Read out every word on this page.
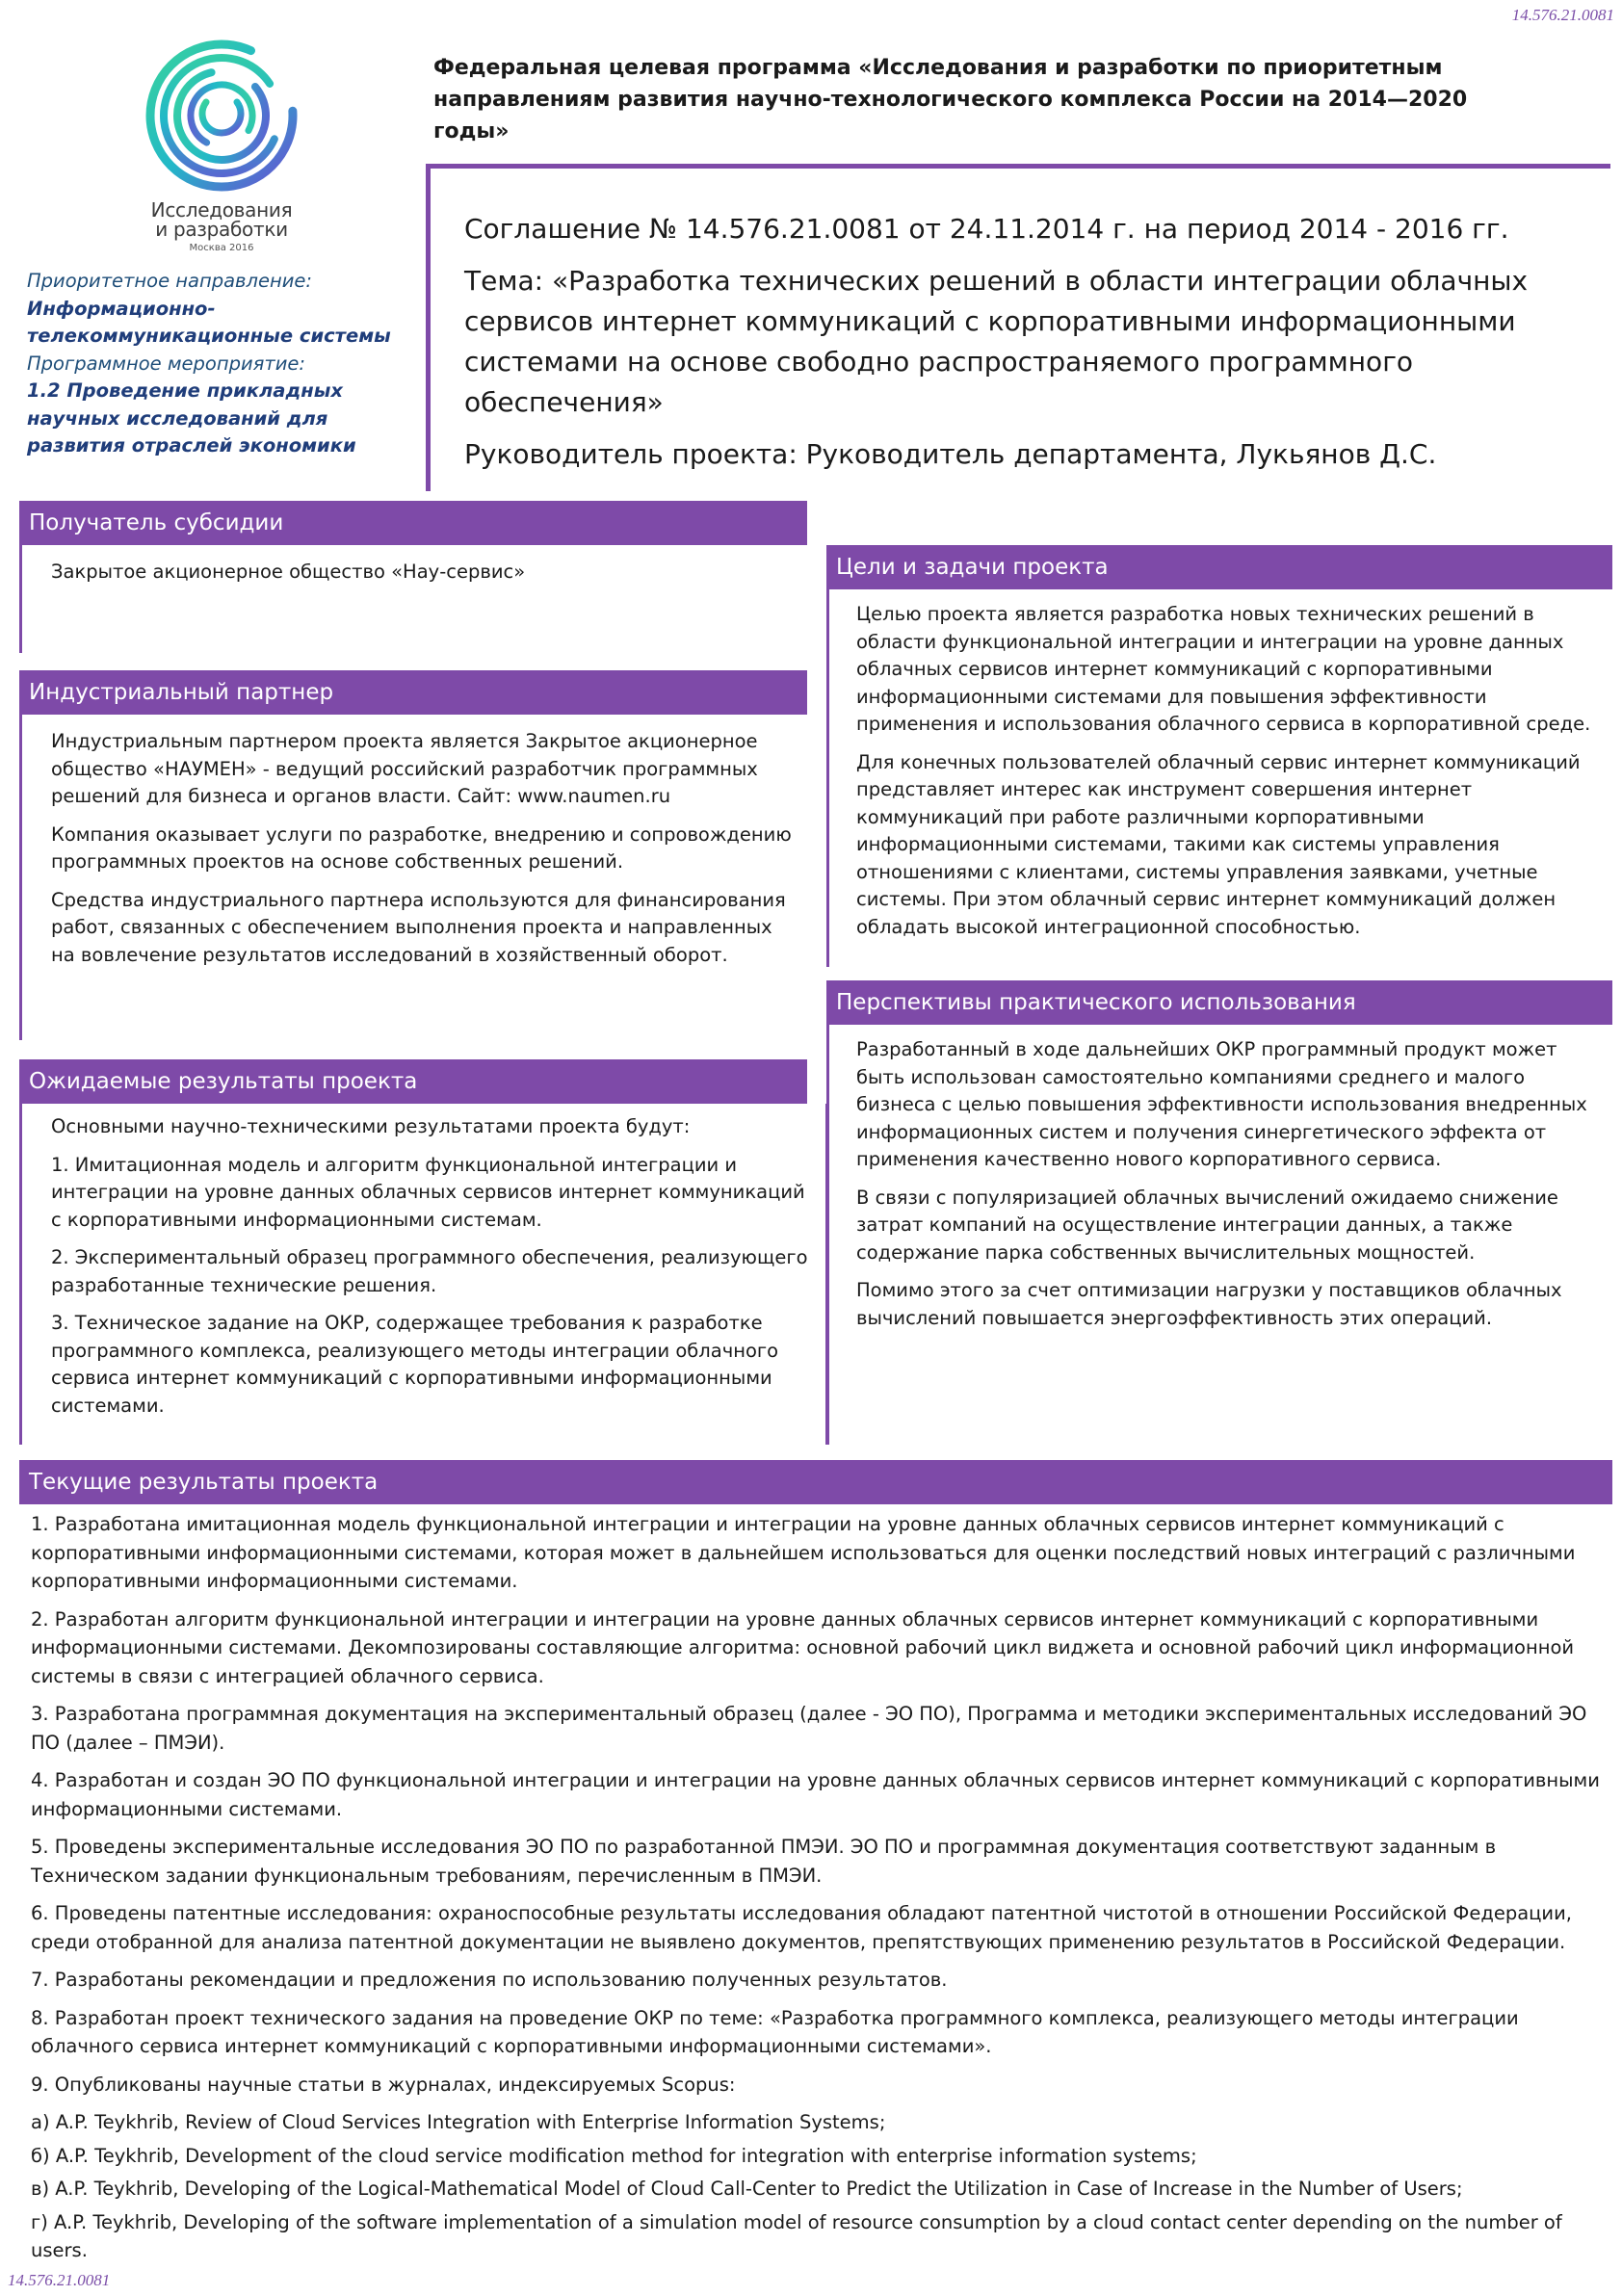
14.576.21.0081
14.576.21.0081
Исследования
и разработки
Москва 2016
Федеральная целевая программа «Исследования и разработки по приоритетным направлениям развития научно-технологического комплекса России на 2014—2020 годы»

Соглашение № 14.576.21.0081 от 24.11.2014 г. на период 2014 - 2016 гг.

Тема: «Разработка технических решений в области интеграции облачных сервисов интернет коммуникаций с корпоративными информационными системами на основе свободно распространяемого программного обеспечения»

Руководитель проекта: Руководитель департамента, Лукьянов Д.С.

Приоритетное направление:
Информационно-телекоммуникационные системы
Программное мероприятие:
1.2 Проведение прикладных научных исследований для развития отраслей экономики
Получатель субсидии

Закрытое акционерное общество «Нау-сервис»

Индустриальный партнер

Индустриальным партнером проекта является Закрытое акционерное общество «НАУМЕН» - ведущий российский разработчик программных решений для бизнеса и органов власти. Сайт: www.naumen.ru

Компания оказывает услуги по разработке, внедрению и сопровождению программных проектов на основе собственных решений.

Средства индустриального партнера используются для финансирования работ, связанных с обеспечением выполнения проекта и направленных на вовлечение результатов исследований в хозяйственный оборот.

Ожидаемые результаты проекта

Основными научно-техническими результатами проекта будут:

1. Имитационная модель и алгоритм функциональной интеграции и интеграции на уровне данных облачных сервисов интернет коммуникаций с корпоративными информационными системам.

2. Экспериментальный образец программного обеспечения, реализующего разработанные технические решения.

3. Техническое задание на ОКР, содержащее требования к разработке программного комплекса, реализующего методы интеграции облачного сервиса интернет коммуникаций с корпоративными информационными системами.

Цели и задачи проекта

Целью проекта является разработка новых технических решений в области функциональной интеграции и интеграции на уровне данных облачных сервисов интернет коммуникаций с корпоративными информационными системами для повышения эффективности применения и использования облачного сервиса в корпоративной среде.

Для конечных пользователей облачный сервис интернет коммуникаций представляет интерес как инструмент совершения интернет коммуникаций при работе различными корпоративными информационными системами, такими как системы управления отношениями с клиентами, системы управления заявками, учетные системы. При этом облачный сервис интернет коммуникаций должен обладать высокой интеграционной способностью.

Перспективы практического использования

Разработанный в ходе дальнейших ОКР программный продукт может быть использован самостоятельно компаниями среднего и малого бизнеса с целью повышения эффективности использования внедренных информационных систем и получения синергетического эффекта от применения качественно нового корпоративного сервиса.

В связи с популяризацией облачных вычислений ожидаемо снижение затрат компаний на осуществление интеграции данных, а также содержание парка собственных вычислительных мощностей.

Помимо этого за счет оптимизации нагрузки у поставщиков облачных вычислений повышается энергоэффективность этих операций.

Текущие результаты проекта

1. Разработана имитационная модель функциональной интеграции и интеграции на уровне данных облачных сервисов интернет коммуникаций с корпоративными информационными системами, которая может в дальнейшем использоваться для оценки последствий новых интеграций с различными корпоративными информационными системами.

2. Разработан алгоритм функциональной интеграции и интеграции на уровне данных облачных сервисов интернет коммуникаций с корпоративными информационными системами. Декомпозированы составляющие алгоритма: основной рабочий цикл виджета и основной рабочий цикл информационной системы в связи с интеграцией облачного сервиса.

3. Разработана программная документация на экспериментальный образец (далее - ЭО ПО), Программа и методики экспериментальных исследований ЭО ПО (далее – ПМЭИ).

4. Разработан и создан ЭО ПО функциональной интеграции и интеграции на уровне данных облачных сервисов интернет коммуникаций с корпоративными информационными системами.

5. Проведены экспериментальные исследования ЭО ПО по разработанной ПМЭИ. ЭО ПО и программная документация соответствуют заданным в Техническом задании функциональным требованиям, перечисленным в ПМЭИ.

6. Проведены патентные исследования: охраноспособные результаты исследования обладают патентной чистотой в отношении Российской Федерации, среди отобранной для анализа патентной документации не выявлено документов, препятствующих применению результатов в Российской Федерации.

7. Разработаны рекомендации и предложения по использованию полученных результатов.

8. Разработан проект технического задания на проведение ОКР по теме: «Разработка программного комплекса, реализующего методы интеграции облачного сервиса интернет коммуникаций с корпоративными информационными системами».

9. Опубликованы научные статьи в журналах, индексируемых Scopus:

а) A.P. Teykhrib, Review of Cloud Services Integration with Enterprise Information Systems;

б) A.P. Teykhrib, Development of the cloud service modification method for integration with enterprise information systems;

в) A.P. Teykhrib, Developing of the Logical-Mathematical Model of Cloud Call-Center to Predict the Utilization in Case of Increase in the Number of Users;

г) A.P. Teykhrib, Developing of the software implementation of a simulation model of resource consumption by a cloud contact center depending on the number of users.
